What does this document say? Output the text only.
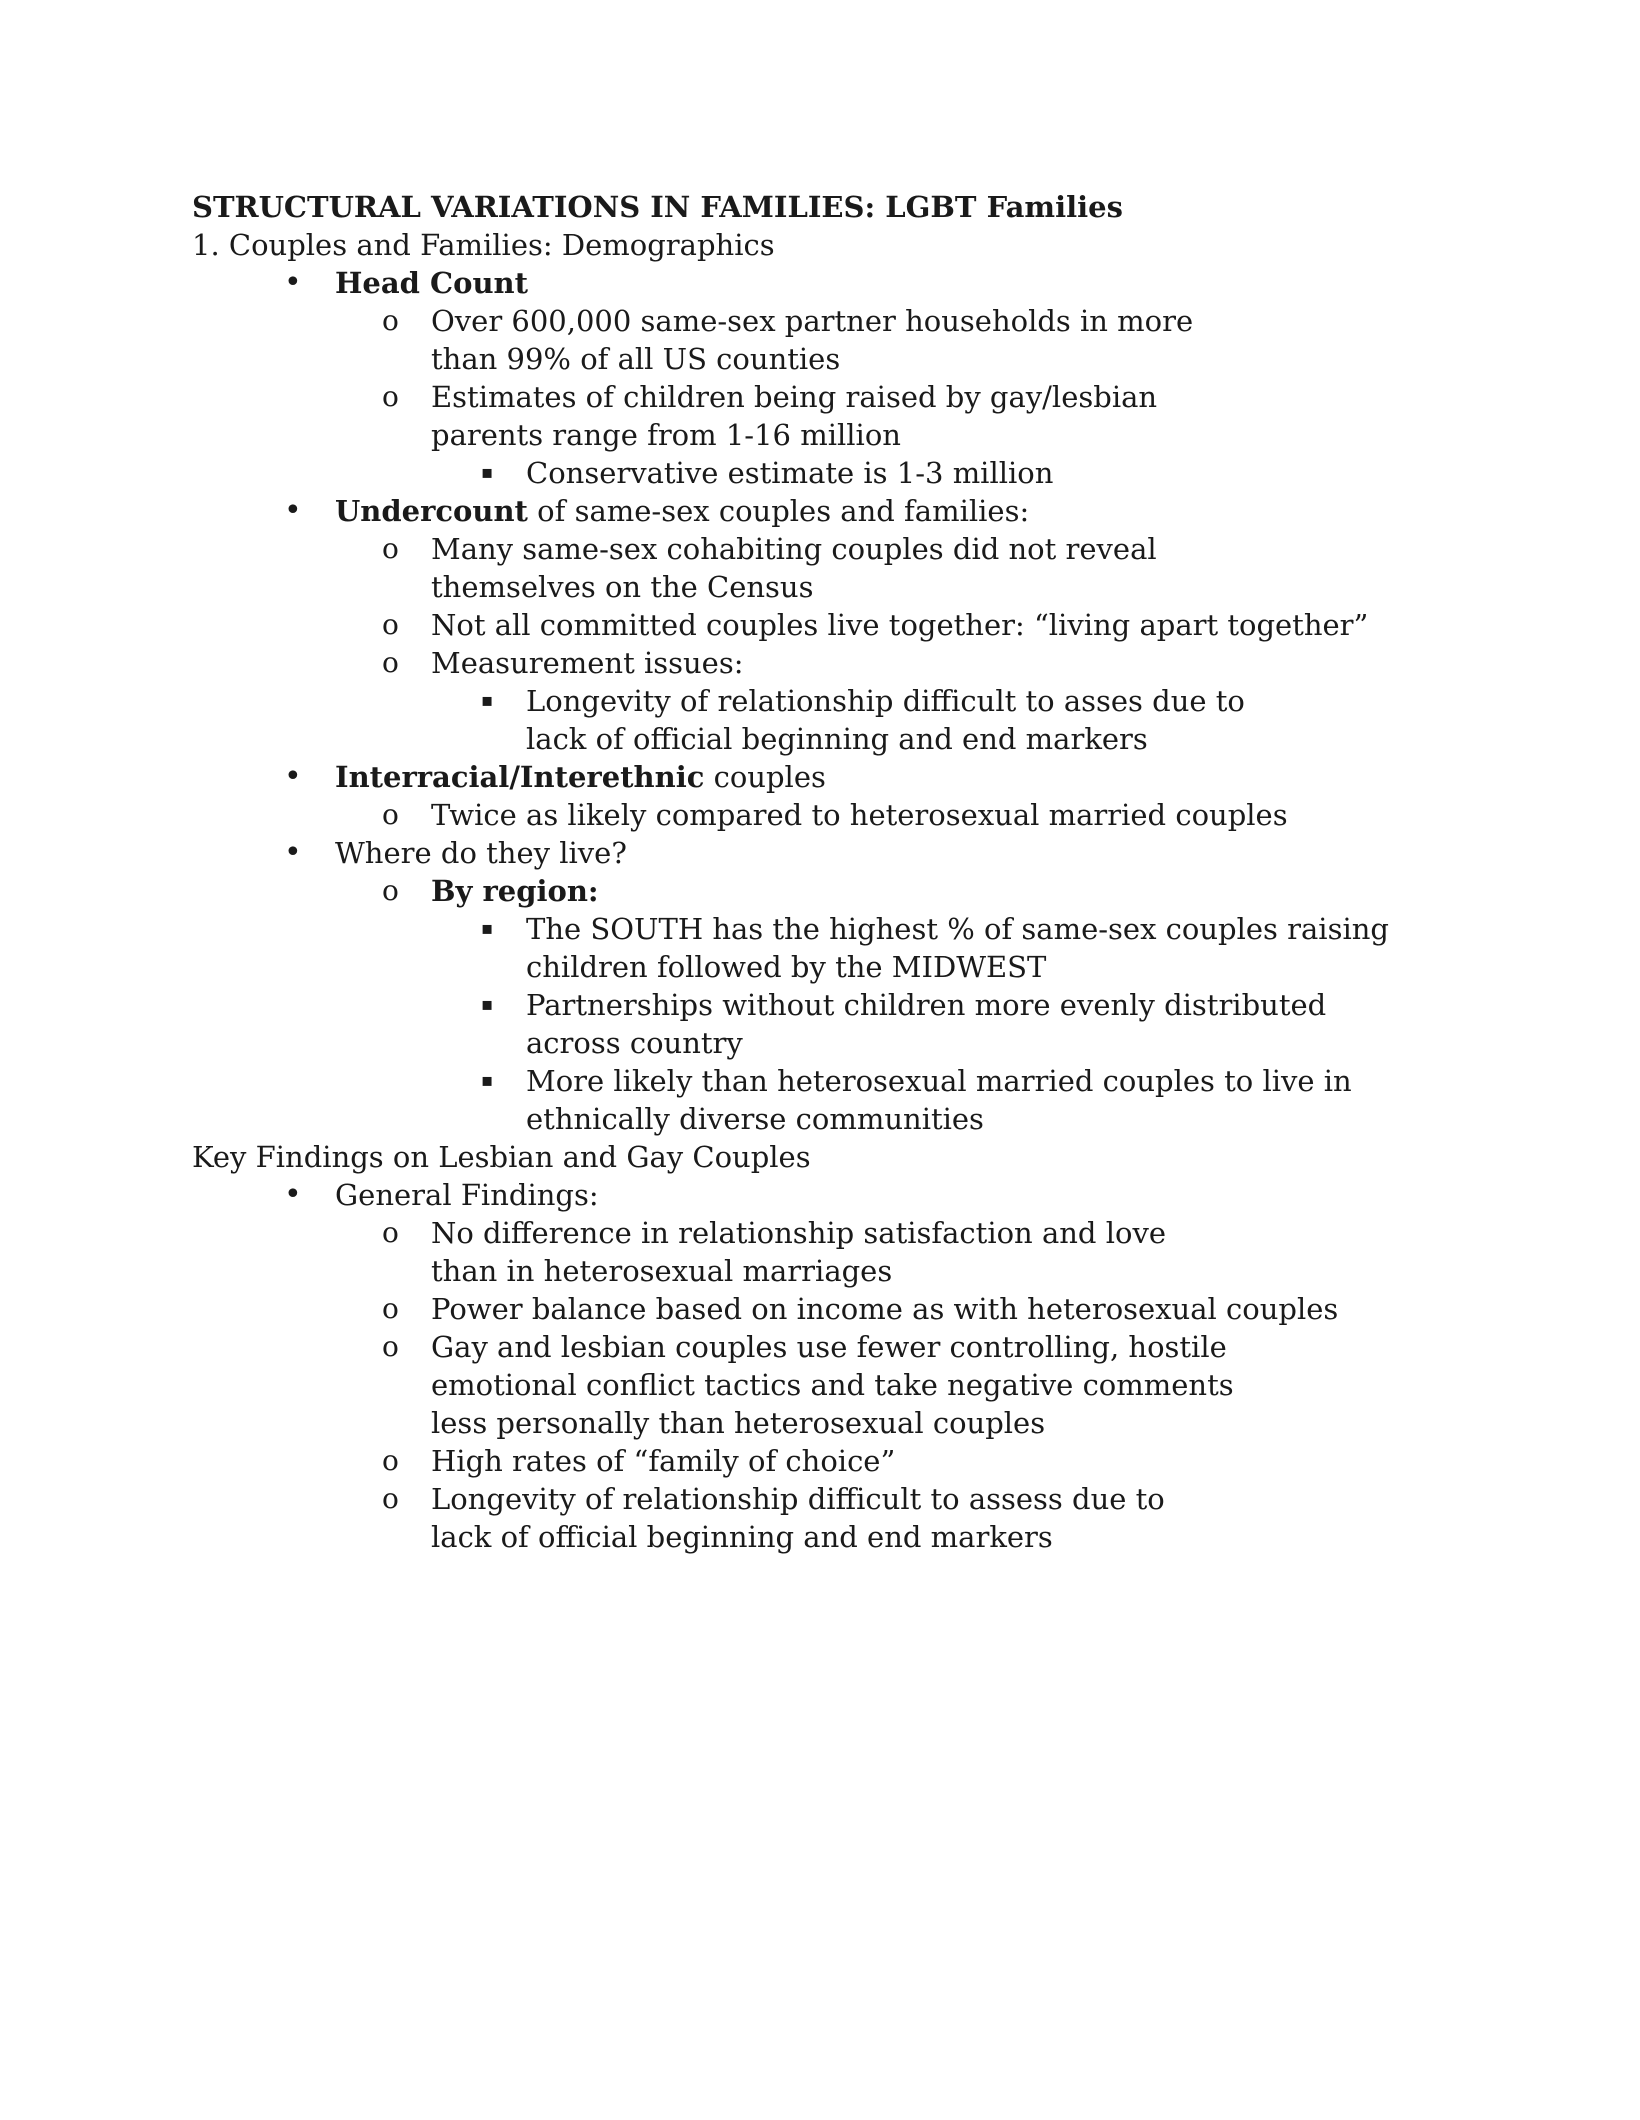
STRUCTURAL VARIATIONS IN FAMILIES: LGBT Families
1. Couples and Families: Demographics
• Head Count
o Over 600,000 same-sex partner households in more than 99% of all US counties
o Estimates of children being raised by gay/lesbian parents range from 1-16 million
▪ Conservative estimate is 1-3 million
• Undercount of same-sex couples and families:
o Many same-sex cohabiting couples did not reveal themselves on the Census
o Not all committed couples live together: “living apart together”
o Measurement issues:
▪ Longevity of relationship difficult to asses due to lack of official beginning and end markers
• Interracial/Interethnic couples
o Twice as likely compared to heterosexual married couples
• Where do they live?
o By region:
▪ The SOUTH has the highest % of same-sex couples raising children followed by the MIDWEST
▪ Partnerships without children more evenly distributed across country
▪ More likely than heterosexual married couples to live in ethnically diverse communities
Key Findings on Lesbian and Gay Couples
• General Findings:
o No difference in relationship satisfaction and love than in heterosexual marriages
o Power balance based on income as with heterosexual couples
o Gay and lesbian couples use fewer controlling, hostile emotional conflict tactics and take negative comments less personally than heterosexual couples
o High rates of “family of choice”
o Longevity of relationship difficult to assess due to lack of official beginning and end markers
